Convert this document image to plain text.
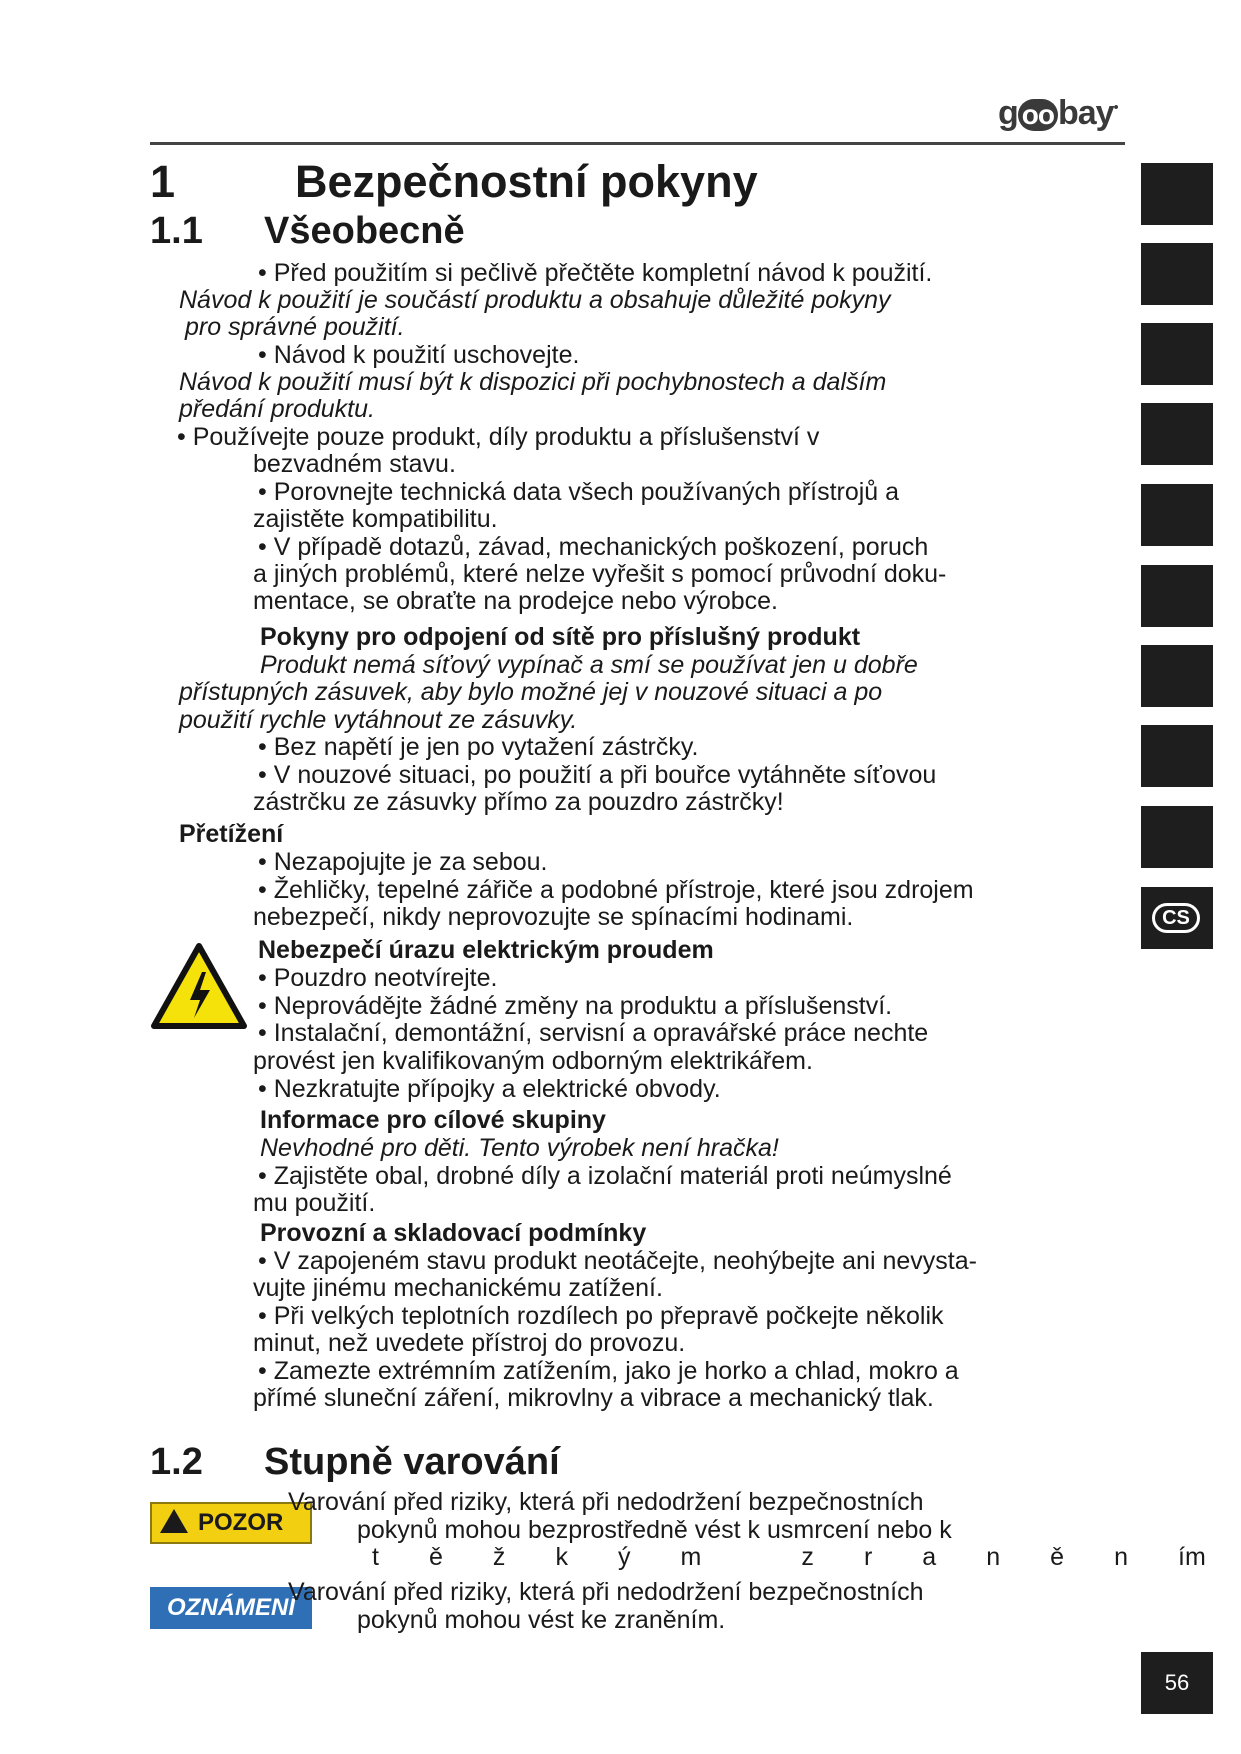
g oo bay•
1	Bezpečnostní pokyny
1.1 Všeobecně
• Před použitím si pečlivě přečtěte kompletní návod k použití.
Návod k použití je součástí produktu a obsahuje důležité pokyny
pro správné použití.
• Návod k použití uschovejte.
Návod k použití musí být k dispozici při pochybnostech a dalším
předání produktu.
• Používejte pouze produkt, díly produktu a příslušenství v
bezvadném stavu.
• Porovnejte technická data všech používaných přístrojů a
zajistěte kompatibilitu.
• V případě dotazů, závad, mechanických poškození, poruch
a jiných problémů, které nelze vyřešit s pomocí průvodní doku-
mentace, se obraťte na prodejce nebo výrobce.
Pokyny pro odpojení od sítě pro příslušný produkt
Produkt nemá síťový vypínač a smí se používat jen u dobře
přístupných zásuvek, aby bylo možné jej v nouzové situaci a po
použití rychle vytáhnout ze zásuvky.
• Bez napětí je jen po vytažení zástrčky.
• V nouzové situaci, po použití a při bouřce vytáhněte síťovou
zástrčku ze zásuvky přímo za pouzdro zástrčky!
Přetížení
• Nezapojujte je za sebou.
• Žehličky, tepelné zářiče a podobné přístroje, které jsou zdrojem
nebezpečí, nikdy neprovozujte se spínacími hodinami.
Nebezpečí úrazu elektrickým proudem
• Pouzdro neotvírejte.
• Neprovádějte žádné změny na produktu a příslušenství.
• Instalační, demontážní, servisní a opravářské práce nechte
provést jen kvalifikovaným odborným elektrikářem.
• Nezkratujte přípojky a elektrické obvody.
Informace pro cílové skupiny
Nevhodné pro děti. Tento výrobek není hračka!
• Zajistěte obal, drobné díly a izolační materiál proti neúmyslné
mu použití.
Provozní a skladovací podmínky
• V zapojeném stavu produkt neotáčejte, neohýbejte ani nevysta-
vujte jinému mechanickému zatížení.
• Při velkých teplotních rozdílech po přepravě počkejte několik
minut, než uvedete přístroj do provozu.
• Zamezte extrémním zatížením, jako je horko a chlad, mokro a
přímé sluneční záření, mikrovlny a vibrace a mechanický tlak.
1.2 Stupně varování
POZOR
Varování před riziky, která při nedodržení bezpečnostních
pokynů mohou bezprostředně vést k usmrcení nebo k
t ě ž k ý m	z r a n ě n ím
OZNÁMENÍ
Varování před riziky, která při nedodržení bezpečnostních
pokynů mohou vést ke zraněním.
CS
56
